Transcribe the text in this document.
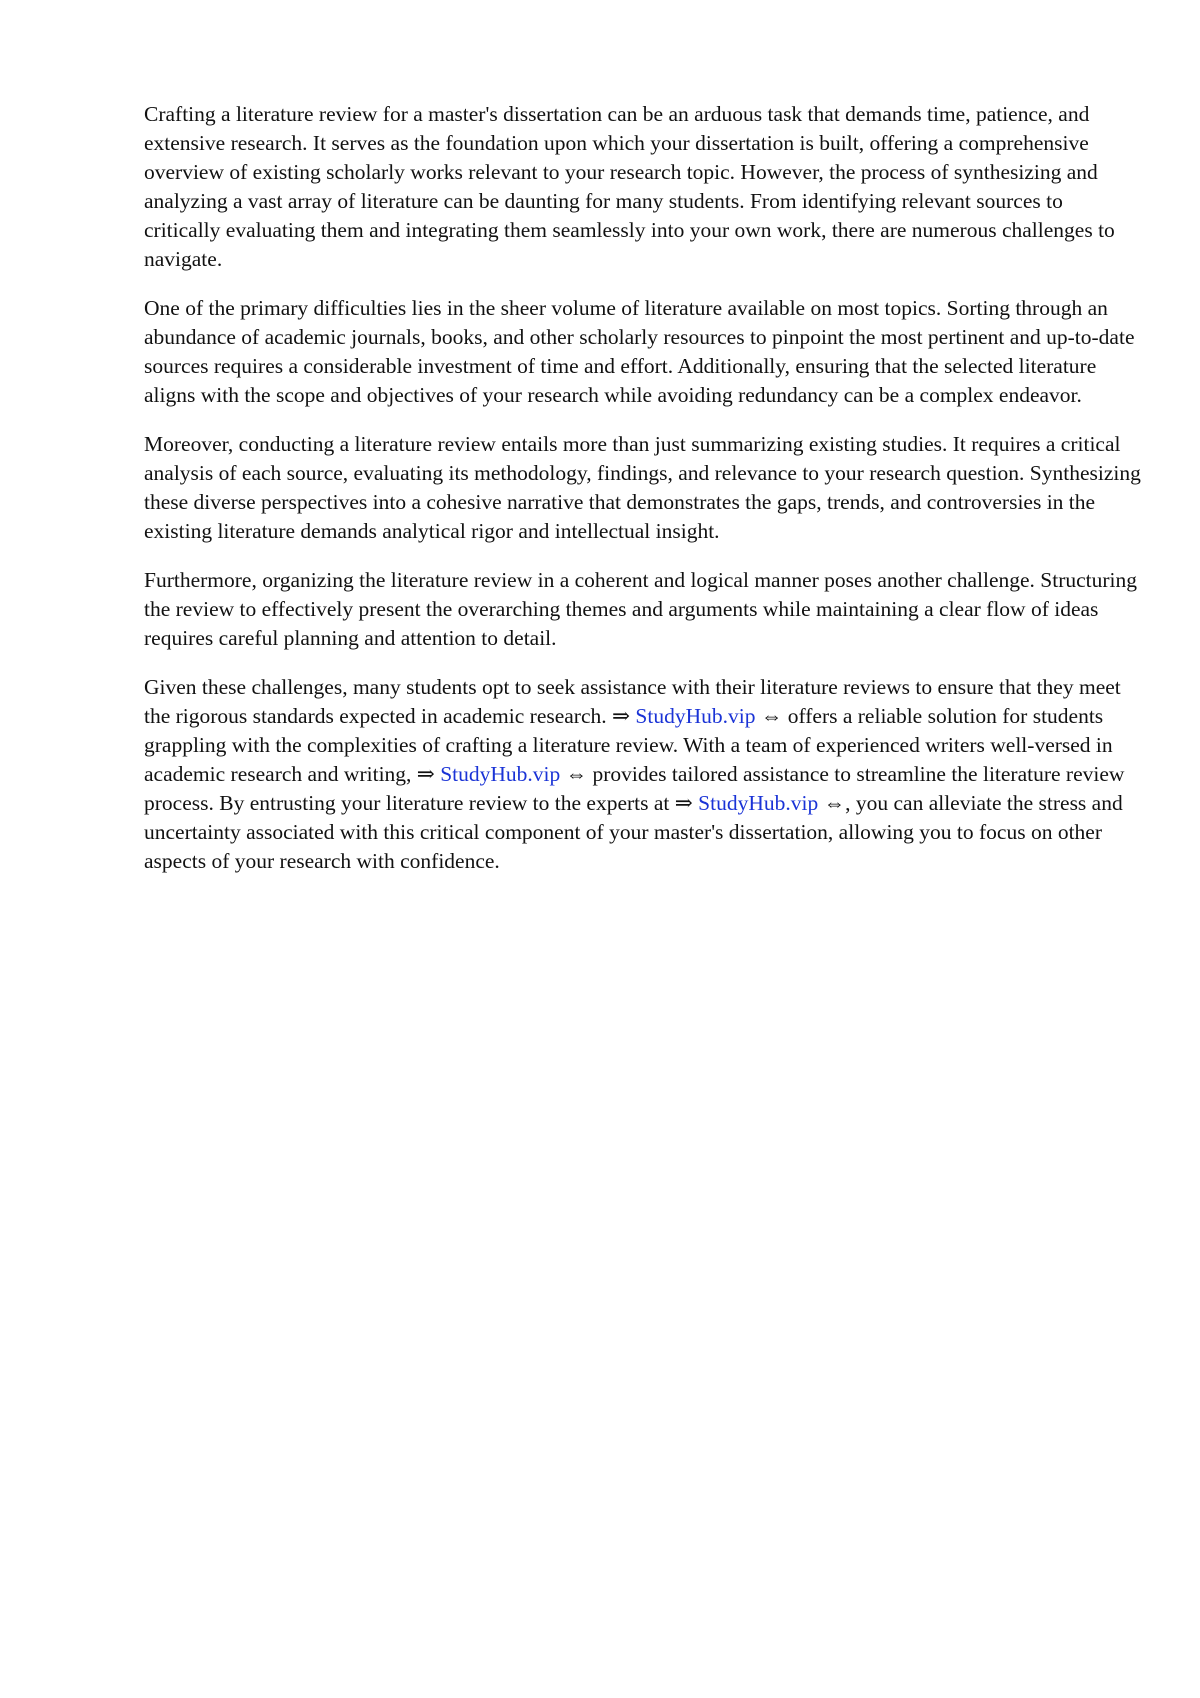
Crafting a literature review for a master's dissertation can be an arduous task that demands time, patience, and extensive research. It serves as the foundation upon which your dissertation is built, offering a comprehensive overview of existing scholarly works relevant to your research topic. However, the process of synthesizing and analyzing a vast array of literature can be daunting for many students. From identifying relevant sources to critically evaluating them and integrating them seamlessly into your own work, there are numerous challenges to navigate.

One of the primary difficulties lies in the sheer volume of literature available on most topics. Sorting through an abundance of academic journals, books, and other scholarly resources to pinpoint the most pertinent and up-to-date sources requires a considerable investment of time and effort. Additionally, ensuring that the selected literature aligns with the scope and objectives of your research while avoiding redundancy can be a complex endeavor.

Moreover, conducting a literature review entails more than just summarizing existing studies. It requires a critical analysis of each source, evaluating its methodology, findings, and relevance to your research question. Synthesizing these diverse perspectives into a cohesive narrative that demonstrates the gaps, trends, and controversies in the existing literature demands analytical rigor and intellectual insight.

Furthermore, organizing the literature review in a coherent and logical manner poses another challenge. Structuring the review to effectively present the overarching themes and arguments while maintaining a clear flow of ideas requires careful planning and attention to detail.

Given these challenges, many students opt to seek assistance with their literature reviews to ensure that they meet the rigorous standards expected in academic research. ⇒ StudyHub.vip ⇔ offers a reliable solution for students grappling with the complexities of crafting a literature review. With a team of experienced writers well-versed in academic research and writing, ⇒ StudyHub.vip ⇔ provides tailored assistance to streamline the literature review process. By entrusting your literature review to the experts at ⇒ StudyHub.vip ⇔, you can alleviate the stress and uncertainty associated with this critical component of your master's dissertation, allowing you to focus on other aspects of your research with confidence.
